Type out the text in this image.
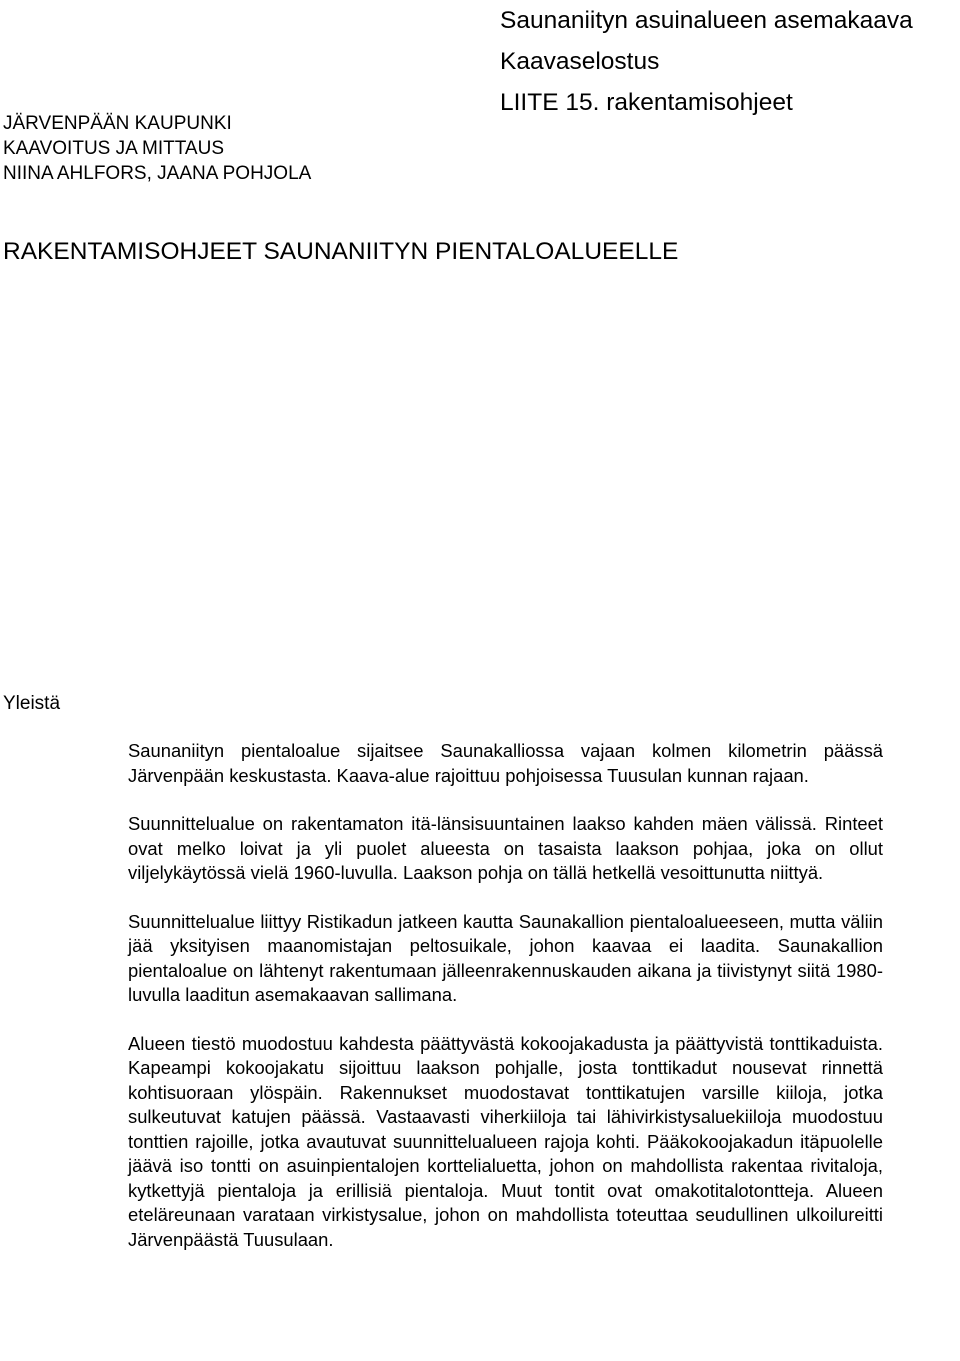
Saunaniityn asuinalueen asemakaava
Kaavaselostus
LIITE 15. rakentamisohjeet
JÄRVENPÄÄN KAUPUNKI
KAAVOITUS JA MITTAUS
NIINA AHLFORS, JAANA POHJOLA
RAKENTAMISOHJEET SAUNANIITYN PIENTALOALUEELLE
Yleistä

Saunaniityn pientaloalue sijaitsee Saunakalliossa vajaan kolmen kilometrin päässä Järvenpään keskustasta. Kaava-alue rajoittuu pohjoisessa Tuusulan kunnan rajaan.

Suunnittelualue on rakentamaton itä-länsisuuntainen laakso kahden mäen välissä. Rinteet ovat melko loivat ja yli puolet alueesta on tasaista laakson pohjaa, joka on ollut viljelykäytössä vielä 1960-luvulla. Laakson pohja on tällä hetkellä vesoittunutta niittyä.

Suunnittelualue liittyy Ristikadun jatkeen kautta Saunakallion pientaloalueeseen, mutta väliin jää yksityisen maanomistajan peltosuikale, johon kaavaa ei laadita. Saunakallion pientaloalue on lähtenyt rakentumaan jälleenrakennuskauden aikana ja tiivistynyt siitä 1980-luvulla laaditun asemakaavan sallimana.

Alueen tiestö muodostuu kahdesta päättyvästä kokoojakadusta ja päättyvistä tonttikaduista. Kapeampi kokoojakatu sijoittuu laakson pohjalle, josta tonttikadut nousevat rinnettä kohtisuoraan ylöspäin. Rakennukset muodostavat tonttikatujen varsille kiiloja, jotka sulkeutuvat katujen päässä. Vastaavasti viherkiiloja tai lähivirkistysaluekiiloja muodostuu tonttien rajoille, jotka avautuvat suunnittelualueen rajoja kohti. Pääkokoojakadun itäpuolelle jäävä iso tontti on asuinpientalojen korttelialuetta, johon on mahdollista rakentaa rivitaloja, kytkettyjä pientaloja ja erillisiä pientaloja. Muut tontit ovat omakotitalotontteja. Alueen eteläreunaan varataan virkistysalue, johon on mahdollista toteuttaa seudullinen ulkoilureitti Järvenpäästä Tuusulaan.
